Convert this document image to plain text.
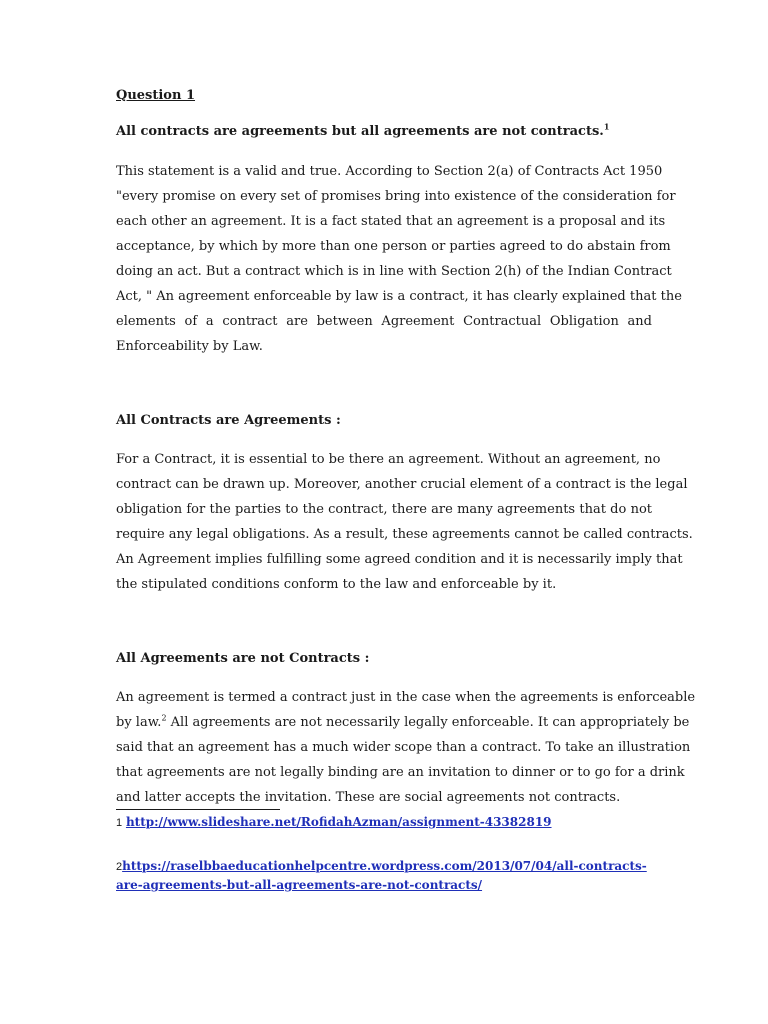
Question 1
All contracts are agreements but all agreements are not contracts.$^1$
This statement is a valid and true. According to Section 2(a) of Contracts Act 1950
"every promise on every set of promises bring into existence of the consideration for
each other an agreement. It is a fact stated that an agreement is a proposal and its
acceptance, by which by more than one person or parties agreed to do abstain from
doing an act. But a contract which is in line with Section 2(h) of the Indian Contract
Act, " An agreement enforceable by law is a contract, it has clearly explained that the
elements of a contract are between Agreement Contractual Obligation and
Enforceability by Law.
All Contracts are Agreements :
For a Contract, it is essential to be there an agreement. Without an agreement, no
contract can be drawn up. Moreover, another crucial element of a contract is the legal
obligation for the parties to the contract, there are many agreements that do not
require any legal obligations. As a result, these agreements cannot be called contracts.
An Agreement implies fulfilling some agreed condition and it is necessarily imply that
the stipulated conditions conform to the law and enforceable by it.
All Agreements are not Contracts :
An agreement is termed a contract just in the case when the agreements is enforceable
by law.$^2$ All agreements are not necessarily legally enforceable. It can appropriately be
said that an agreement has a much wider scope than a contract. To take an illustration
that agreements are not legally binding are an invitation to dinner or to go for a drink
and latter accepts the invitation. These are social agreements not contracts.
1 http://www.slideshare.net/RofidahAzman/assignment-43382819
2https://raselbbaeducationhelpcentre.wordpress.com/2013/07/04/all-contracts-
are-agreements-but-all-agreements-are-not-contracts/
